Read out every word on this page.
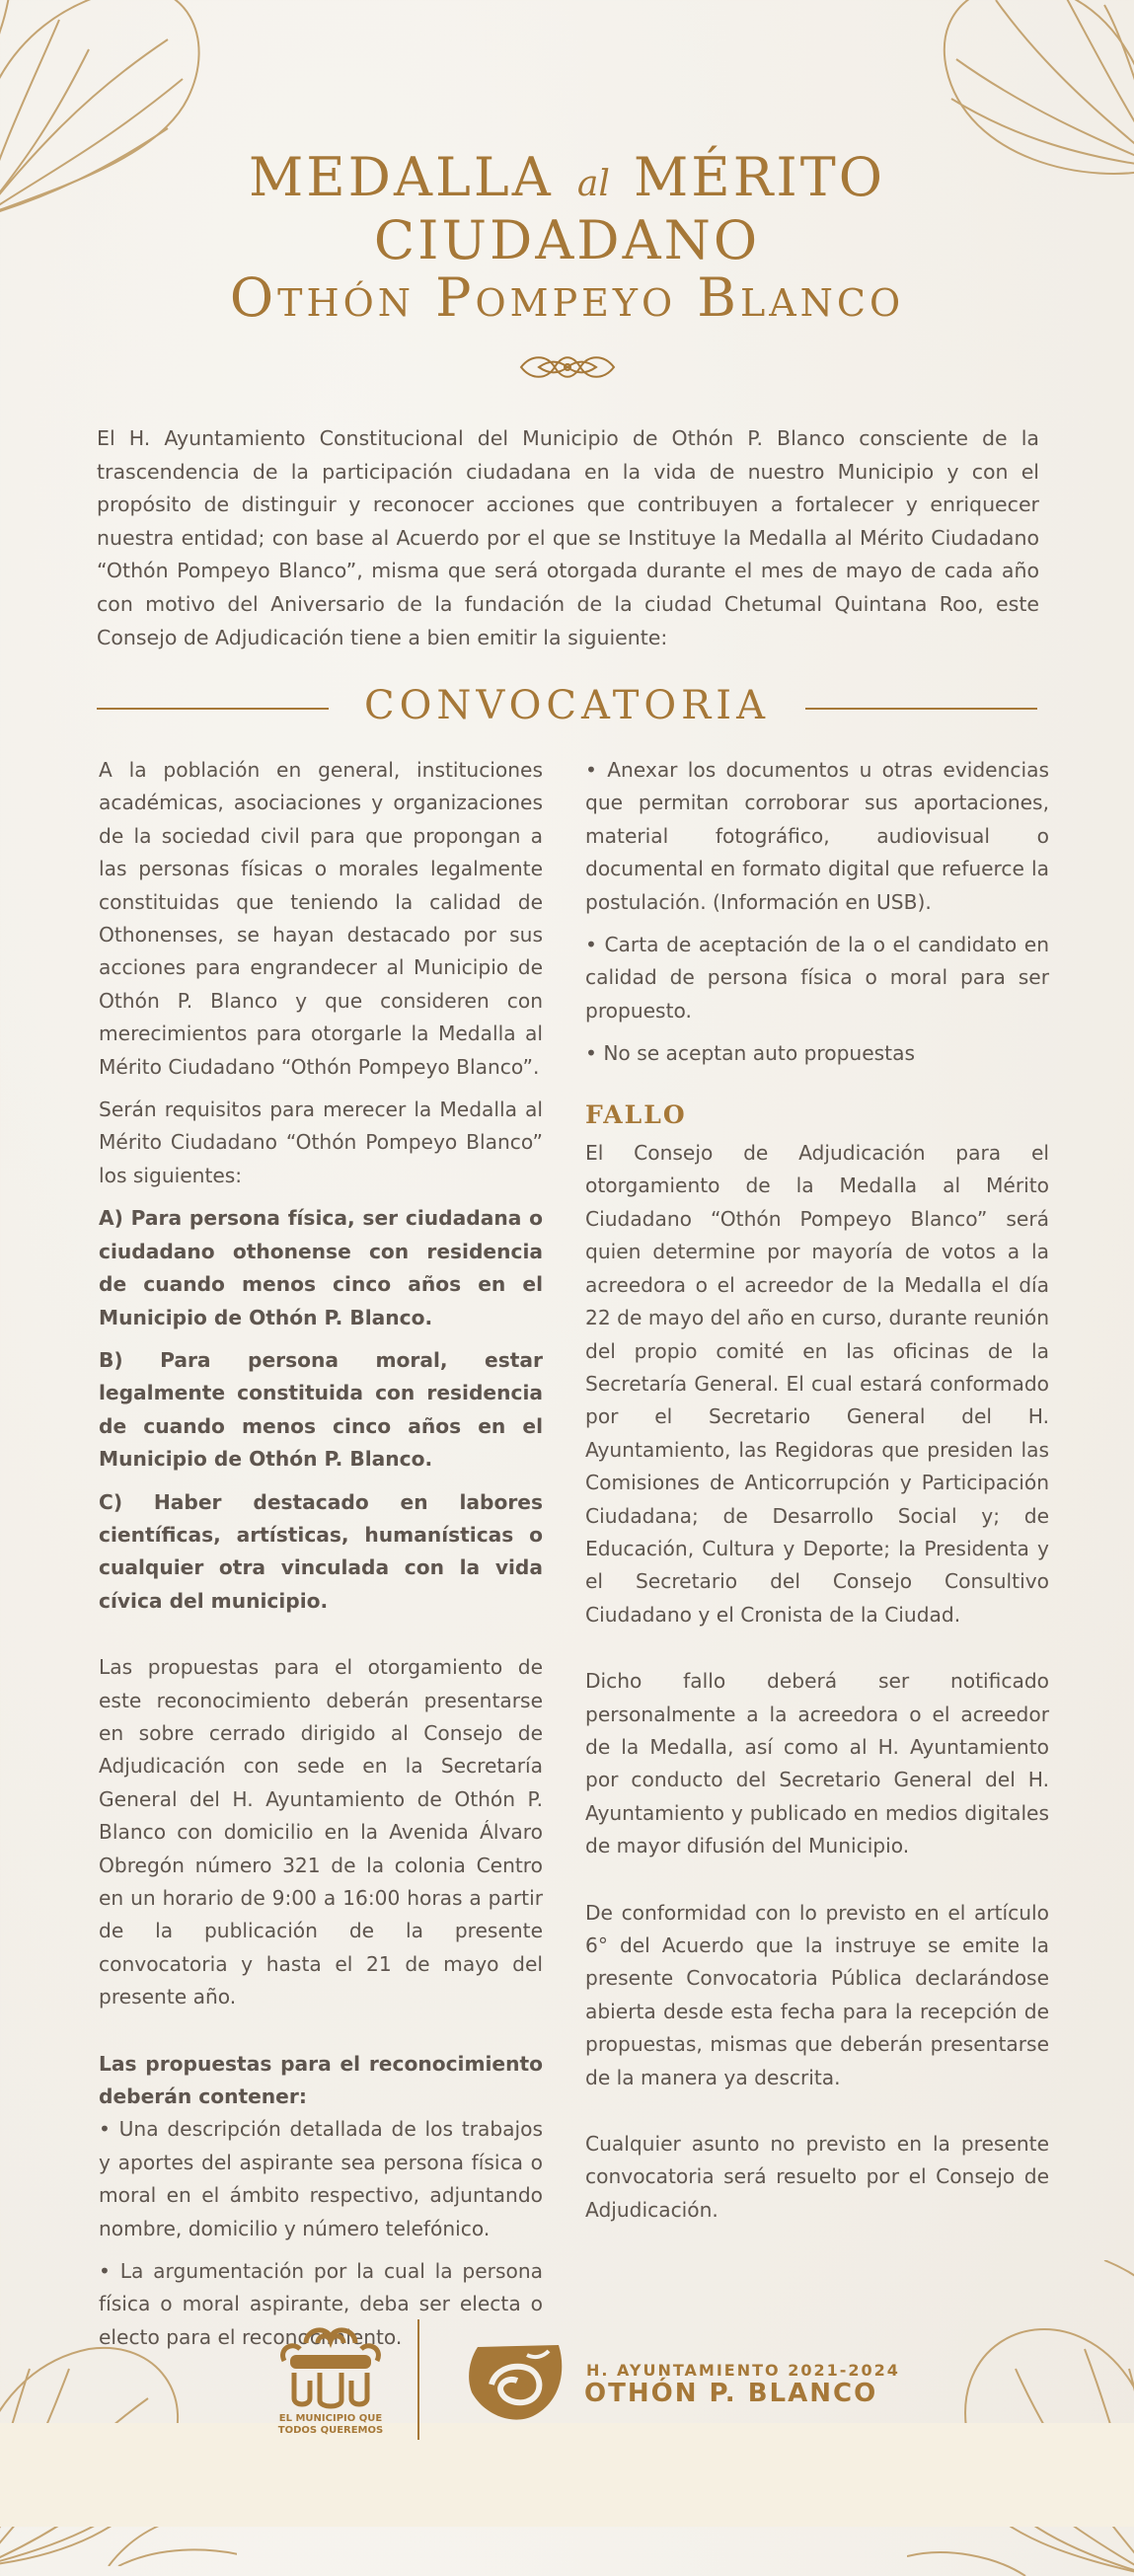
MEDALLA al MÉRITO
CIUDADANO
Othón Pompeyo Blanco

El H. Ayuntamiento Constitucional del Municipio de Othón P. Blanco consciente de la trascendencia de la participación ciudadana en la vida de nuestro Municipio y con el propósito de distinguir y reconocer acciones que contribuyen a fortalecer y enriquecer nuestra entidad; con base al Acuerdo por el que se Instituye la Medalla al Mérito Ciudadano “Othón Pompeyo Blanco”, misma que será otorgada durante el mes de mayo de cada año con motivo del Aniversario de la fundación de la ciudad Chetumal Quintana Roo, este Consejo de Adjudicación tiene a bien emitir la siguiente:

CONVOCATORIA

A la población en general, instituciones académicas, asociaciones y organizaciones de la sociedad civil para que propongan a las personas físicas o morales legalmente constituidas que teniendo la calidad de Othonenses, se hayan destacado por sus acciones para engrandecer al Municipio de Othón P. Blanco y que consideren con merecimientos para otorgarle la Medalla al Mérito Ciudadano “Othón Pompeyo Blanco”.

Serán requisitos para merecer la Medalla al Mérito Ciudadano “Othón Pompeyo Blanco” los siguientes:

A) Para persona física, ser ciudadana o ciudadano othonense con residencia de cuando menos cinco años en el Municipio de Othón P. Blanco.

B) Para persona moral, estar legalmente constituida con residencia de cuando menos cinco años en el Municipio de Othón P. Blanco.

C) Haber destacado en labores científicas, artísticas, humanísticas o cualquier otra vinculada con la vida cívica del municipio.

Las propuestas para el otorgamiento de este reconocimiento deberán presentarse en sobre cerrado dirigido al Consejo de Adjudicación con sede en la Secretaría General del H. Ayuntamiento de Othón P. Blanco con domicilio en la Avenida Álvaro Obregón número 321 de la colonia Centro en un horario de 9:00 a 16:00 horas a partir de la publicación de la presente convocatoria y hasta el 21 de mayo del presente año.

Las propuestas para el reconocimiento deberán contener:

• Una descripción detallada de los trabajos y aportes del aspirante sea persona física o moral en el ámbito respectivo, adjuntando nombre, domicilio y número telefónico.

• La argumentación por la cual la persona física o moral aspirante, deba ser electa o electo para el reconocimiento.

• Anexar los documentos u otras evidencias que permitan corroborar sus aportaciones, material fotográfico, audiovisual o documental en formato digital que refuerce la postulación. (Información en USB).

• Carta de aceptación de la o el candidato en calidad de persona física o moral para ser propuesto.

• No se aceptan auto propuestas

FALLO

El Consejo de Adjudicación para el otorgamiento de la Medalla al Mérito Ciudadano “Othón Pompeyo Blanco” será quien determine por mayoría de votos a la acreedora o el acreedor de la Medalla el día 22 de mayo del año en curso, durante reunión del propio comité en las oficinas de la Secretaría General. El cual estará conformado por el Secretario General del H. Ayuntamiento, las Regidoras que presiden las Comisiones de Anticorrupción y Participación Ciudadana; de Desarrollo Social y; de Educación, Cultura y Deporte; la Presidenta y el Secretario del Consejo Consultivo Ciudadano y el Cronista de la Ciudad.

Dicho fallo deberá ser notificado personalmente a la acreedora o el acreedor de la Medalla, así como al H. Ayuntamiento por conducto del Secretario General del H. Ayuntamiento y publicado en medios digitales de mayor difusión del Municipio.

De conformidad con lo previsto en el artículo 6° del Acuerdo que la instruye se emite la presente Convocatoria Pública declarándose abierta desde esta fecha para la recepción de propuestas, mismas que deberán presentarse de la manera ya descrita.

Cualquier asunto no previsto en la presente convocatoria será resuelto por el Consejo de Adjudicación.

EL MUNICIPIO QUE
TODOS QUEREMOS
H. AYUNTAMIENTO 2021-2024
OTHÓN P. BLANCO
